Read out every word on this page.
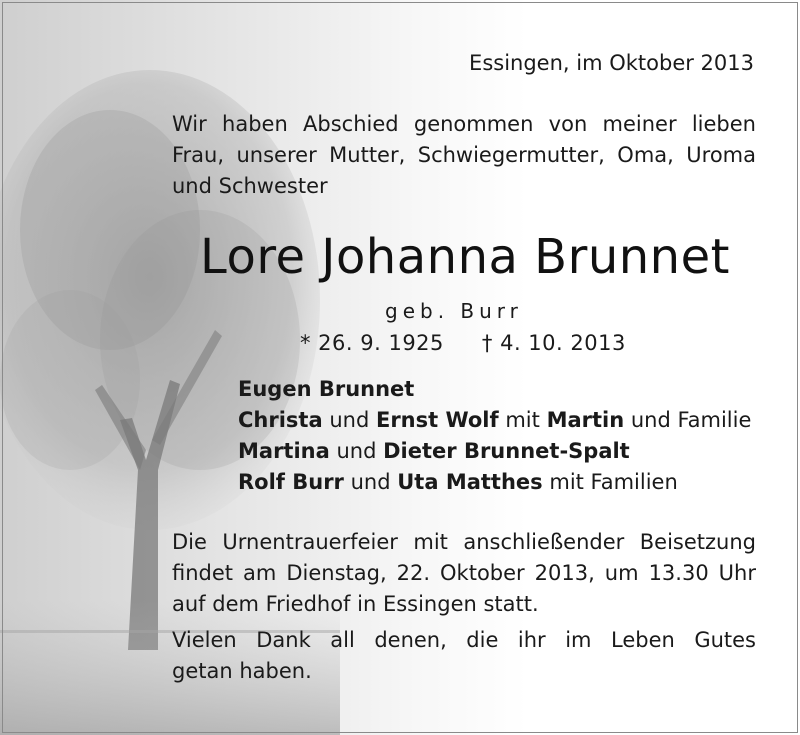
Essingen, im Oktober 2013
Wir haben Abschied genommen von meiner lieben
Frau, unserer Mutter, Schwiegermutter, Oma, Uroma
und Schwester
Lore Johanna Brunnet
geb. Burr
* 26. 9. 1925 † 4. 10. 2013
Eugen Brunnet
Christa und Ernst Wolf mit Martin und Familie
Martina und Dieter Brunnet-Spalt
Rolf Burr und Uta Matthes mit Familien
Die Urnentrauerfeier mit anschließender Beisetzung
findet am Dienstag, 22. Oktober 2013, um 13.30 Uhr
auf dem Friedhof in Essingen statt.
Vielen Dank all denen, die ihr im Leben Gutes
getan haben.
